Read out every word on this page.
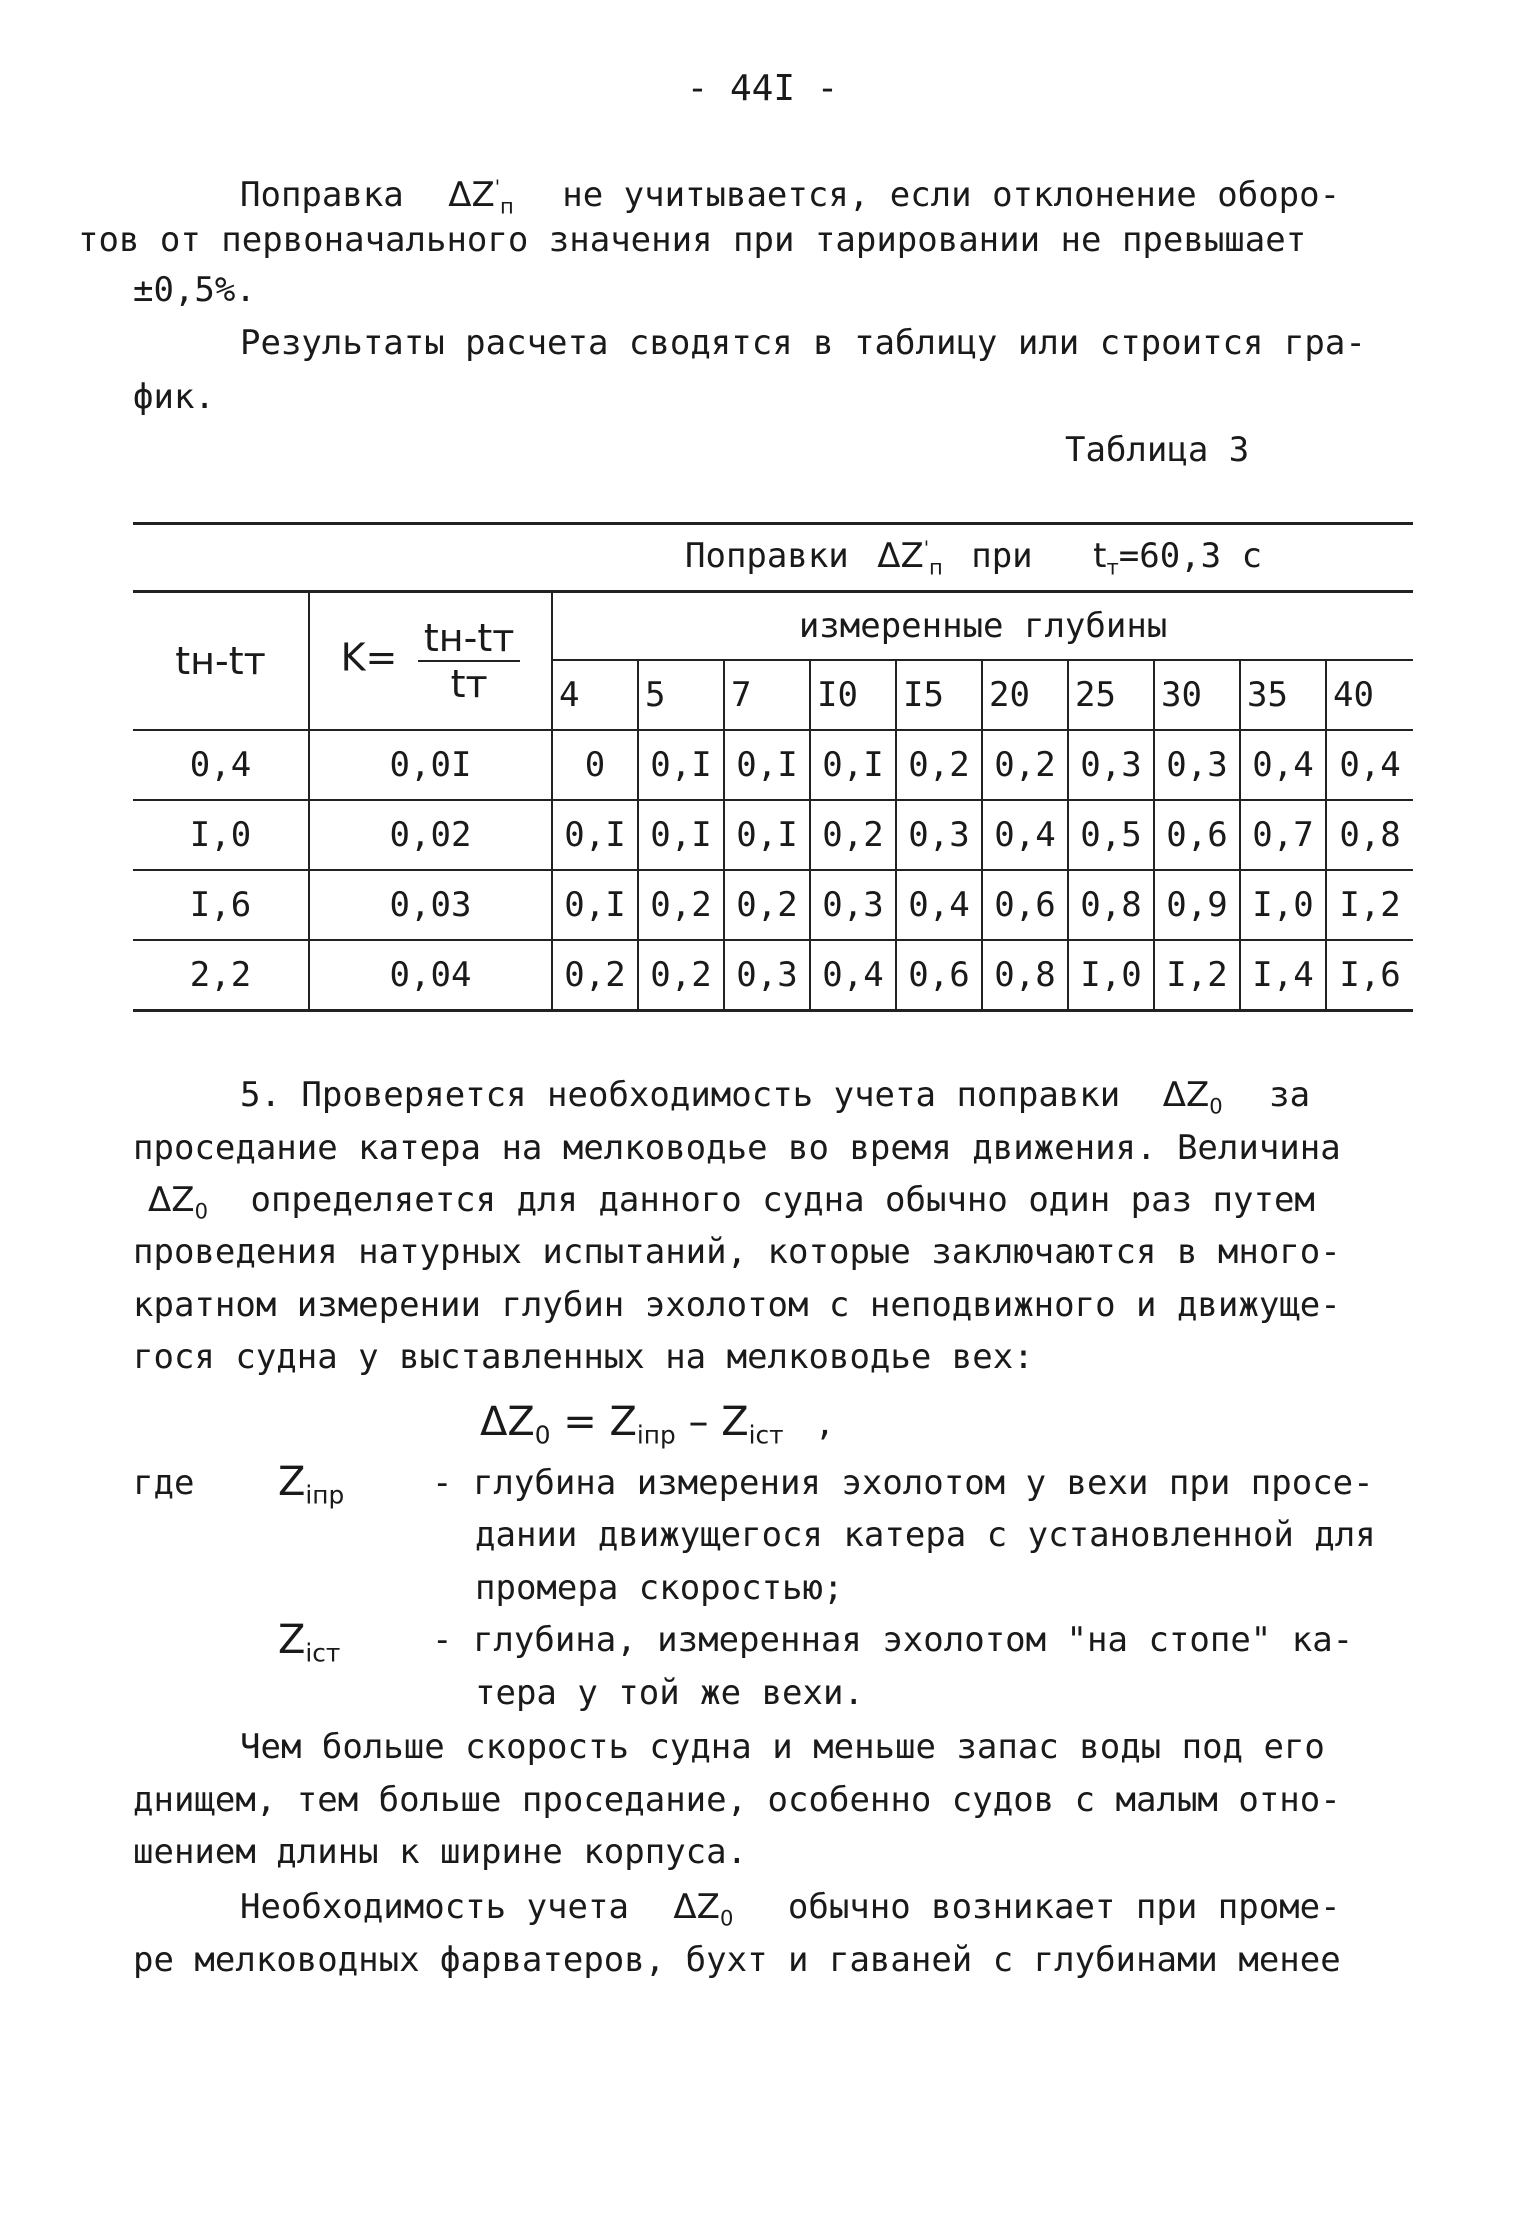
- 44I -
Поправка $\Delta Z'_п$ не учитывается, если отклонение оборо-
тов от первоначального значения при тарировании не превышает
±0,5%.
Результаты расчета сводятся в таблицу или строится гра-
фик.
Таблица 3
Поправки $\Delta Z'_п$ при $t_т=60,3$ с											
tн-tт	$K= \frac{tн-tт}{tт}$	измеренные глубины									
		4	5	7	I0	I5	20	25	30	35	40
0,4	0,0I	0	0,I	0,I	0,I	0,2	0,2	0,3	0,3	0,4	0,4
I,0	0,02	0,I	0,I	0,I	0,2	0,3	0,4	0,5	0,6	0,7	0,8
I,6	0,03	0,I	0,2	0,2	0,3	0,4	0,6	0,8	0,9	I,0	I,2
2,2	0,04	0,2	0,2	0,3	0,4	0,6	0,8	I,0	I,2	I,4	I,6
5. Проверяется необходимость учета поправки $\Delta Z_0$ за
проседание катера на мелководье во время движения. Величина
$\Delta Z_0$ определяется для данного судна обычно один раз путем
проведения натурных испытаний, которые заключаются в много-
кратном измерении глубин эхолотом с неподвижного и движуще-
гося судна у выставленных на мелководье вех:
$\Delta Z_0 = Z_{iпр} - Z_{iст}$ ,
где $Z_{iпр}$	- глубина измерения эхолотом у вехи при просе-
дании движущегося катера с установленной для
промера скоростью;
$Z_{iст}$	- глубина, измеренная эхолотом "на стопе" ка-
тера у той же вехи.
Чем больше скорость судна и меньше запас воды под его
днищем, тем больше проседание, особенно судов с малым отно-
шением длины к ширине корпуса.
Необходимость учета $\Delta Z_0$ обычно возникает при проме-
ре мелководных фарватеров, бухт и гаваней с глубинами менее
